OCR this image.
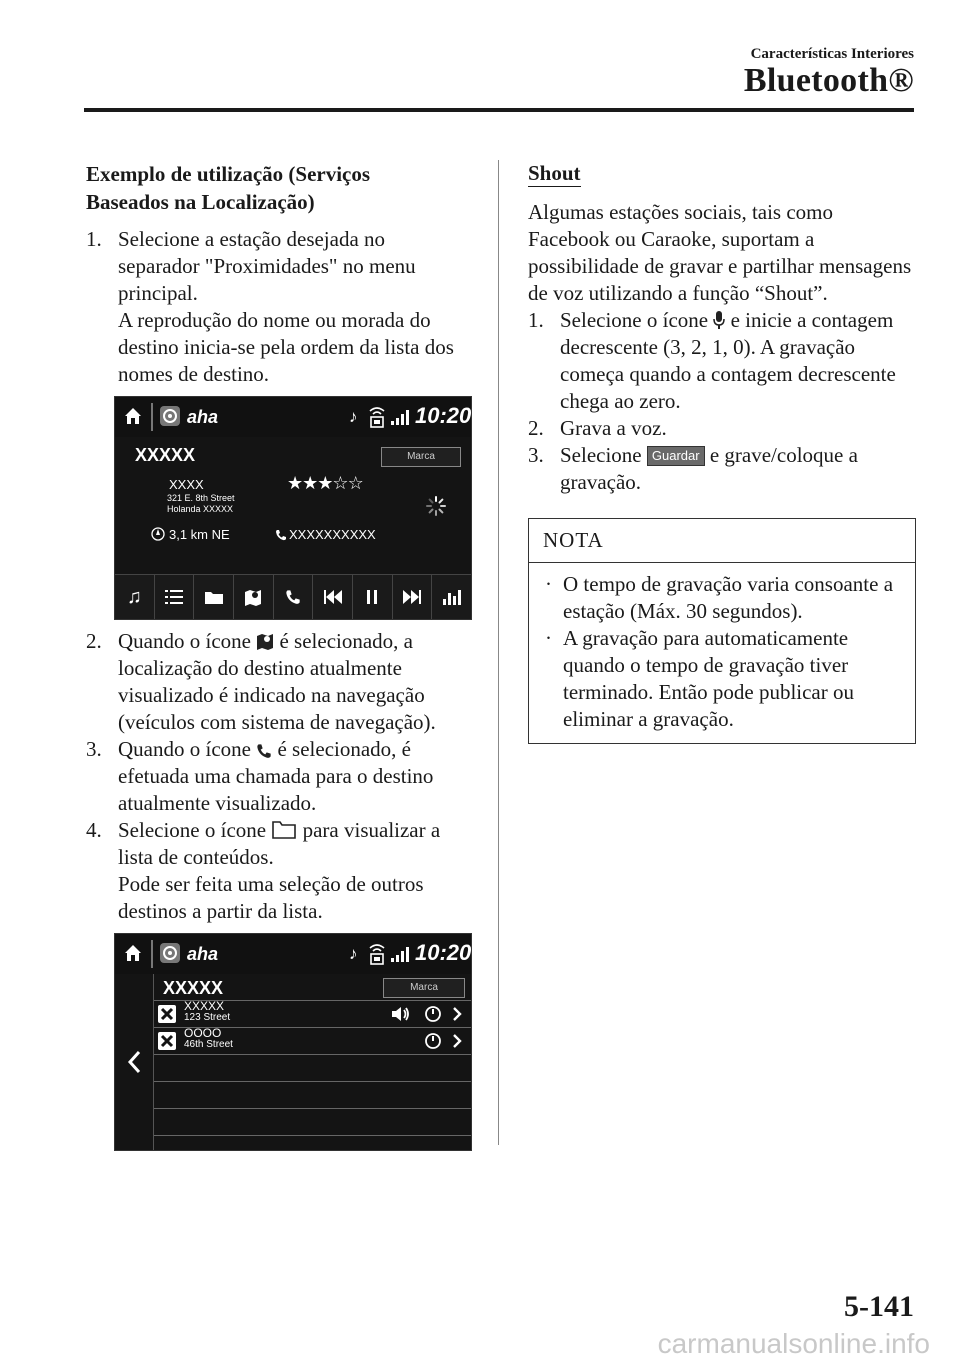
Características Interiores
Bluetooth®
Exemplo de utilização (Serviços Baseados na Localização)
1. Selecione a estação desejada no separador "Proximidades" no menu principal.
A reprodução do nome ou morada do destino inicia-se pela ordem da lista dos nomes de destino.
aha	♪	10:20
XXXXX	Marca
XXXX
321 E. 8th Street
Holanda XXXXX
★★★☆☆
3,1 km NE	XXXXXXXXXX
♫
2. Quando o ícone é selecionado, a localização do destino atualmente visualizado é indicado na navegação (veículos com sistema de navegação).
3. Quando o ícone é selecionado, é efetuada uma chamada para o destino atualmente visualizado.
4. Selecione o ícone para visualizar a lista de conteúdos.
Pode ser feita uma seleção de outros destinos a partir da lista.
aha	♪	10:20
XXXXX	Marca
XXXXX
123 Street
OOOO
46th Street
Shout
Algumas estações sociais, tais como Facebook ou Caraoke, suportam a possibilidade de gravar e partilhar mensagens de voz utilizando a função “Shout”.
1. Selecione o ícone e inicie a contagem decrescente (3, 2, 1, 0). A gravação começa quando a contagem decrescente chega ao zero.
2. Grava a voz.
3. Selecione Guardar e grave/coloque a gravação.
NOTA
· O tempo de gravação varia consoante a estação (Máx. 30 segundos).
· A gravação para automaticamente quando o tempo de gravação tiver terminado. Então pode publicar ou eliminar a gravação.
5-141
carmanualsonline.info
